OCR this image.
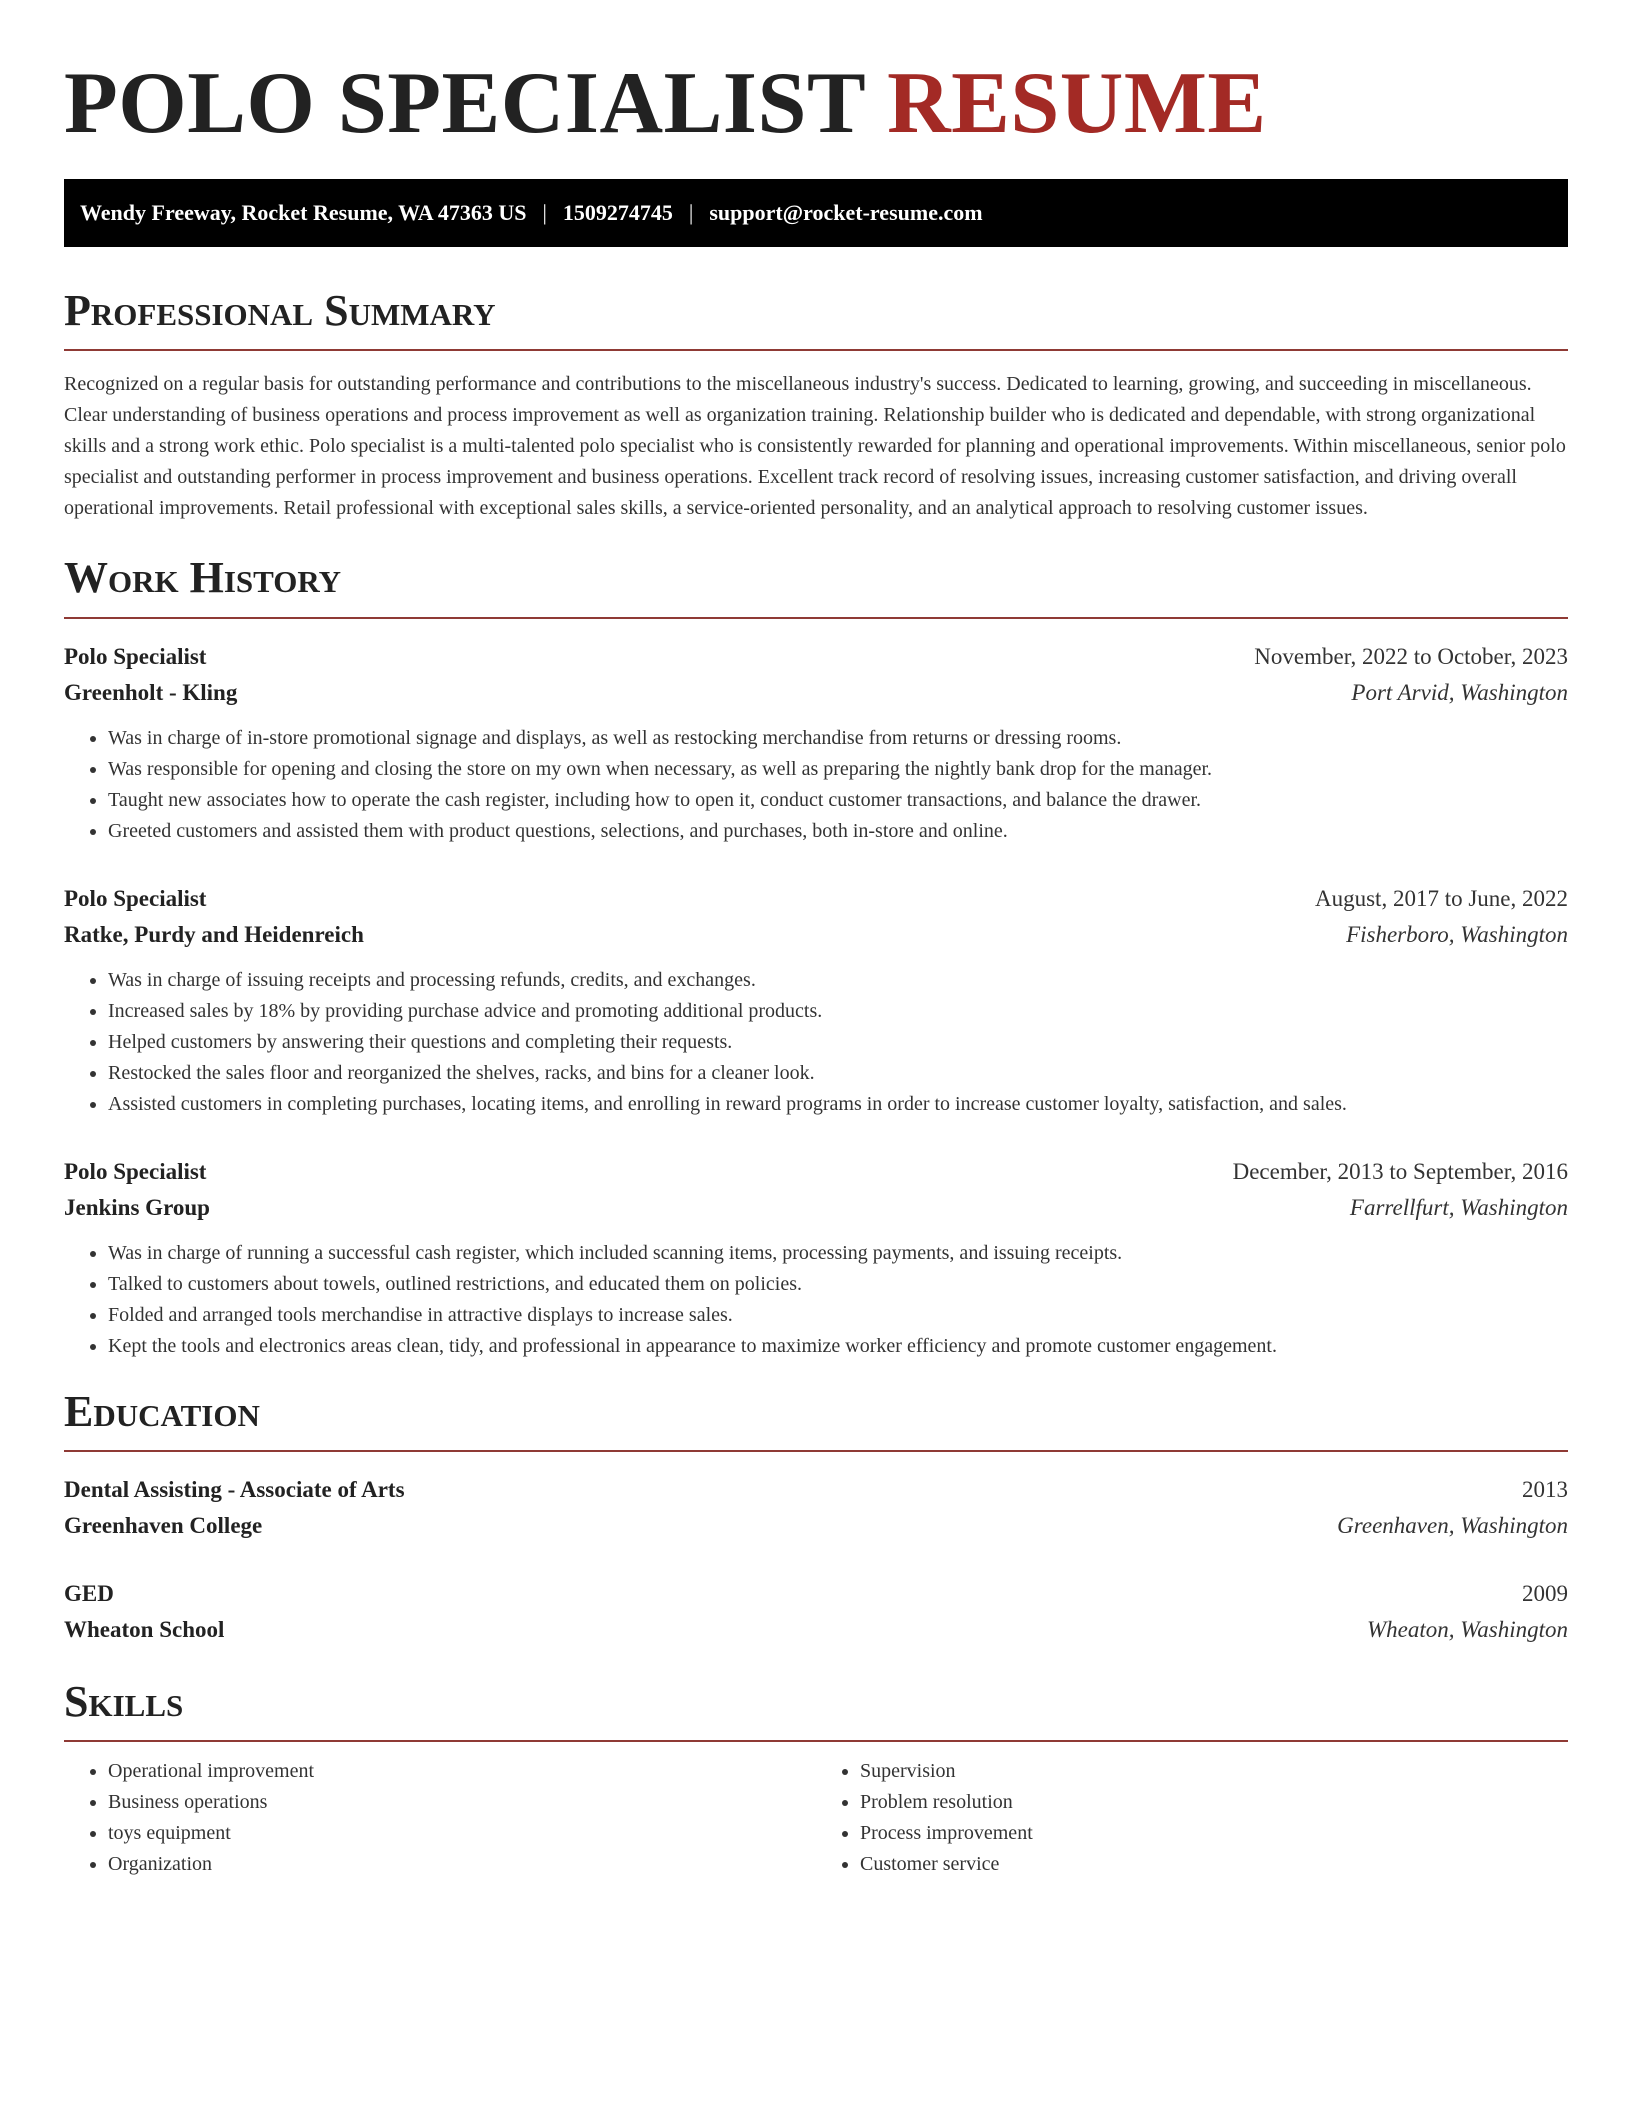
POLO SPECIALIST RESUME
Wendy Freeway, Rocket Resume, WA 47363 US | 1509274745 | support@rocket-resume.com
Professional Summary

Recognized on a regular basis for outstanding performance and contributions to the miscellaneous industry's success. Dedicated to learning, growing, and succeeding in miscellaneous. Clear understanding of business operations and process improvement as well as organization training. Relationship builder who is dedicated and dependable, with strong organizational skills and a strong work ethic. Polo specialist is a multi-talented polo specialist who is consistently rewarded for planning and operational improvements. Within miscellaneous, senior polo specialist and outstanding performer in process improvement and business operations. Excellent track record of resolving issues, increasing customer satisfaction, and driving overall operational improvements. Retail professional with exceptional sales skills, a service-oriented personality, and an analytical approach to resolving customer issues.

Work History
Polo Specialist	November, 2022 to October, 2023
Greenholt - Kling	Port Arvid, Washington
• Was in charge of in-store promotional signage and displays, as well as restocking merchandise from returns or dressing rooms.
• Was responsible for opening and closing the store on my own when necessary, as well as preparing the nightly bank drop for the manager.
• Taught new associates how to operate the cash register, including how to open it, conduct customer transactions, and balance the drawer.
• Greeted customers and assisted them with product questions, selections, and purchases, both in-store and online.
Polo Specialist	August, 2017 to June, 2022
Ratke, Purdy and Heidenreich	Fisherboro, Washington
• Was in charge of issuing receipts and processing refunds, credits, and exchanges.
• Increased sales by 18% by providing purchase advice and promoting additional products.
• Helped customers by answering their questions and completing their requests.
• Restocked the sales floor and reorganized the shelves, racks, and bins for a cleaner look.
• Assisted customers in completing purchases, locating items, and enrolling in reward programs in order to increase customer loyalty, satisfaction, and sales.
Polo Specialist	December, 2013 to September, 2016
Jenkins Group	Farrellfurt, Washington
• Was in charge of running a successful cash register, which included scanning items, processing payments, and issuing receipts.
• Talked to customers about towels, outlined restrictions, and educated them on policies.
• Folded and arranged tools merchandise in attractive displays to increase sales.
• Kept the tools and electronics areas clean, tidy, and professional in appearance to maximize worker efficiency and promote customer engagement.
Education
Dental Assisting - Associate of Arts	2013
Greenhaven College	Greenhaven, Washington
GED	2009
Wheaton School	Wheaton, Washington
Skills
• Operational improvement
• Business operations
• toys equipment
• Organization
• Supervision
• Problem resolution
• Process improvement
• Customer service
